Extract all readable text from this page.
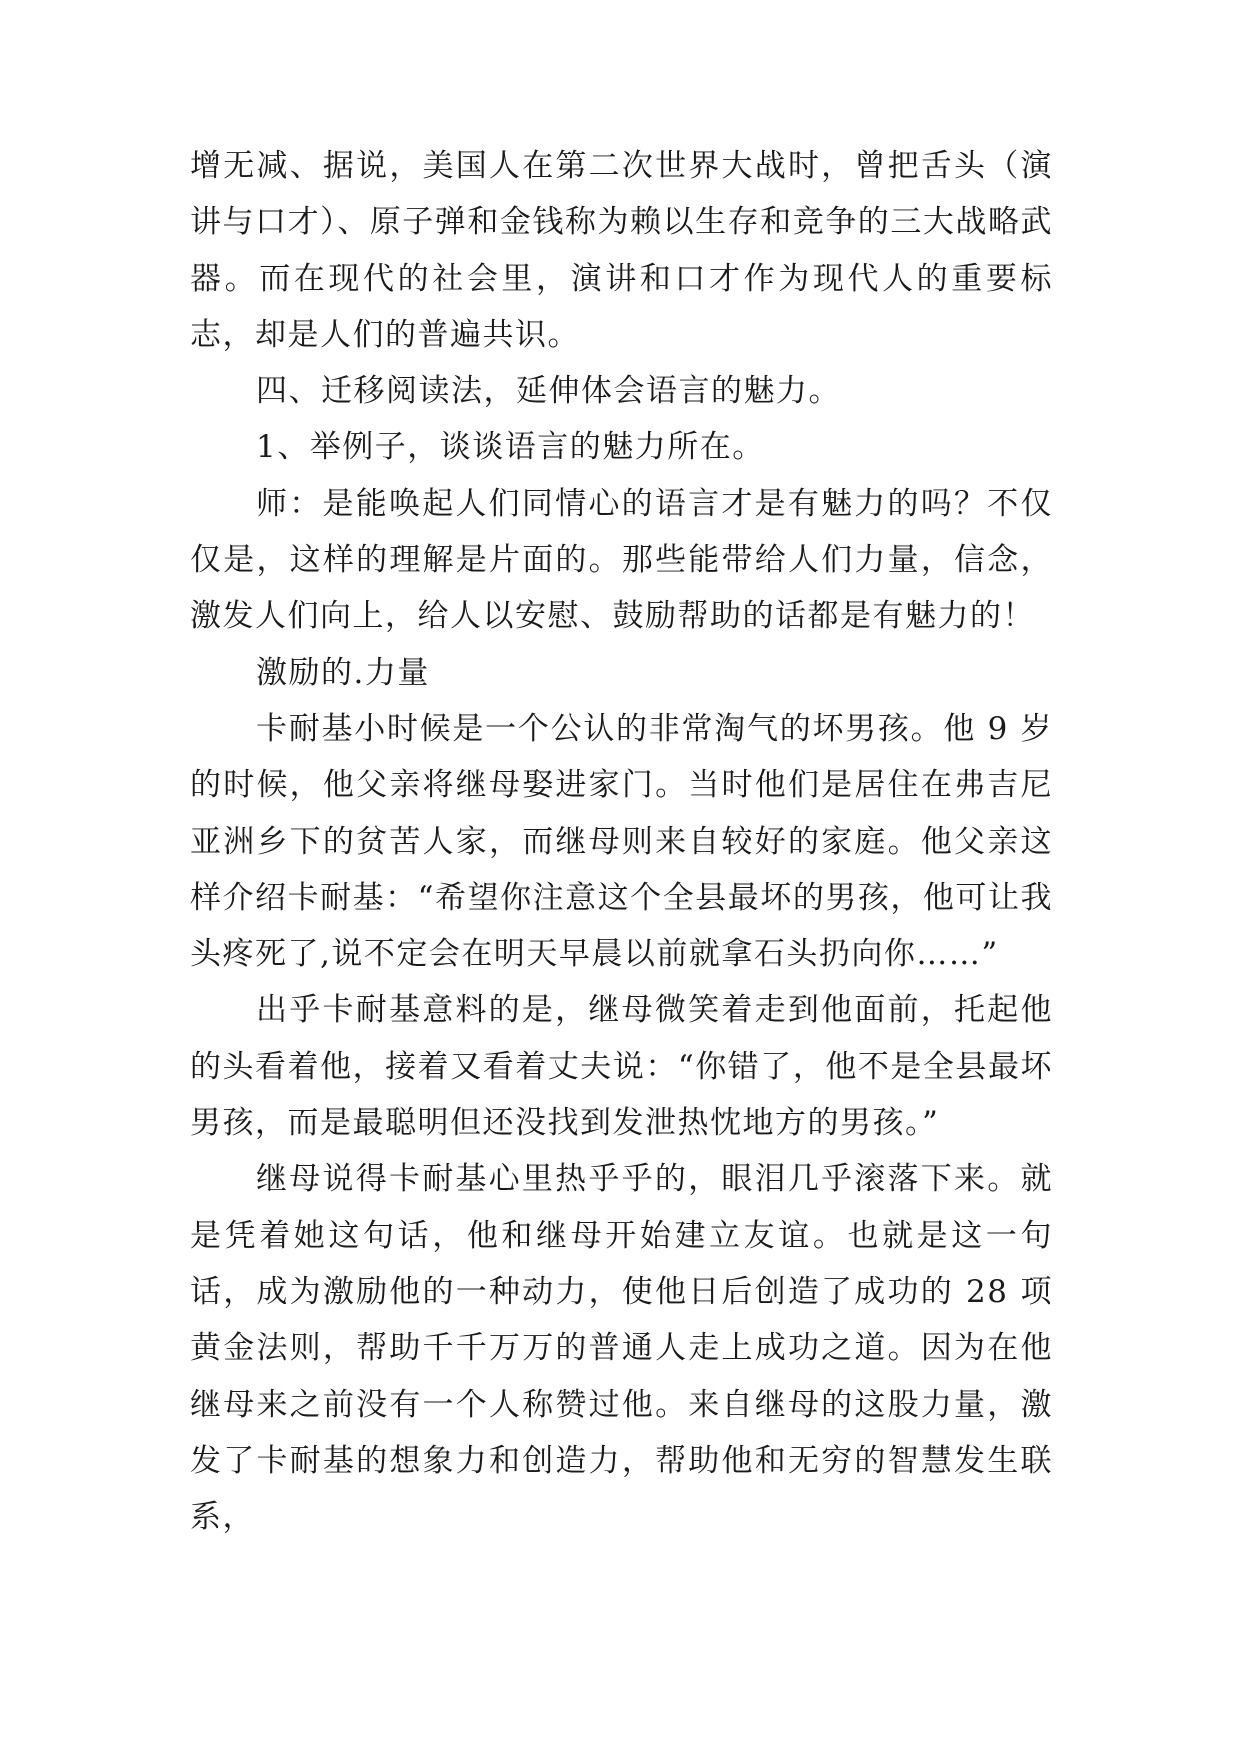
增无减、据说，美国人在第二次世界大战时，曾把舌头（演讲与口才）、原子弹和金钱称为赖以生存和竞争的三大战略武器。而在现代的社会里，演讲和口才作为现代人的重要标志，却是人们的普遍共识。

四、迁移阅读法，延伸体会语言的魅力。

1、举例子，谈谈语言的魅力所在。

师：是能唤起人们同情心的语言才是有魅力的吗？不仅仅是，这样的理解是片面的。那些能带给人们力量，信念，激发人们向上，给人以安慰、鼓励帮助的话都是有魅力的！

激励的.力量

卡耐基小时候是一个公认的非常淘气的坏男孩。他 9 岁的时候，他父亲将继母娶进家门。当时他们是居住在弗吉尼亚洲乡下的贫苦人家，而继母则来自较好的家庭。他父亲这样介绍卡耐基：“希望你注意这个全县最坏的男孩，他可让我头疼死了,说不定会在明天早晨以前就拿石头扔向你……”

出乎卡耐基意料的是，继母微笑着走到他面前，托起他的头看着他，接着又看着丈夫说：“你错了，他不是全县最坏男孩，而是最聪明但还没找到发泄热忱地方的男孩。”

继母说得卡耐基心里热乎乎的，眼泪几乎滚落下来。就是凭着她这句话，他和继母开始建立友谊。也就是这一句话，成为激励他的一种动力，使他日后创造了成功的 28 项黄金法则，帮助千千万万的普通人走上成功之道。因为在他继母来之前没有一个人称赞过他。来自继母的这股力量，激发了卡耐基的想象力和创造力，帮助他和无穷的智慧发生联系，
